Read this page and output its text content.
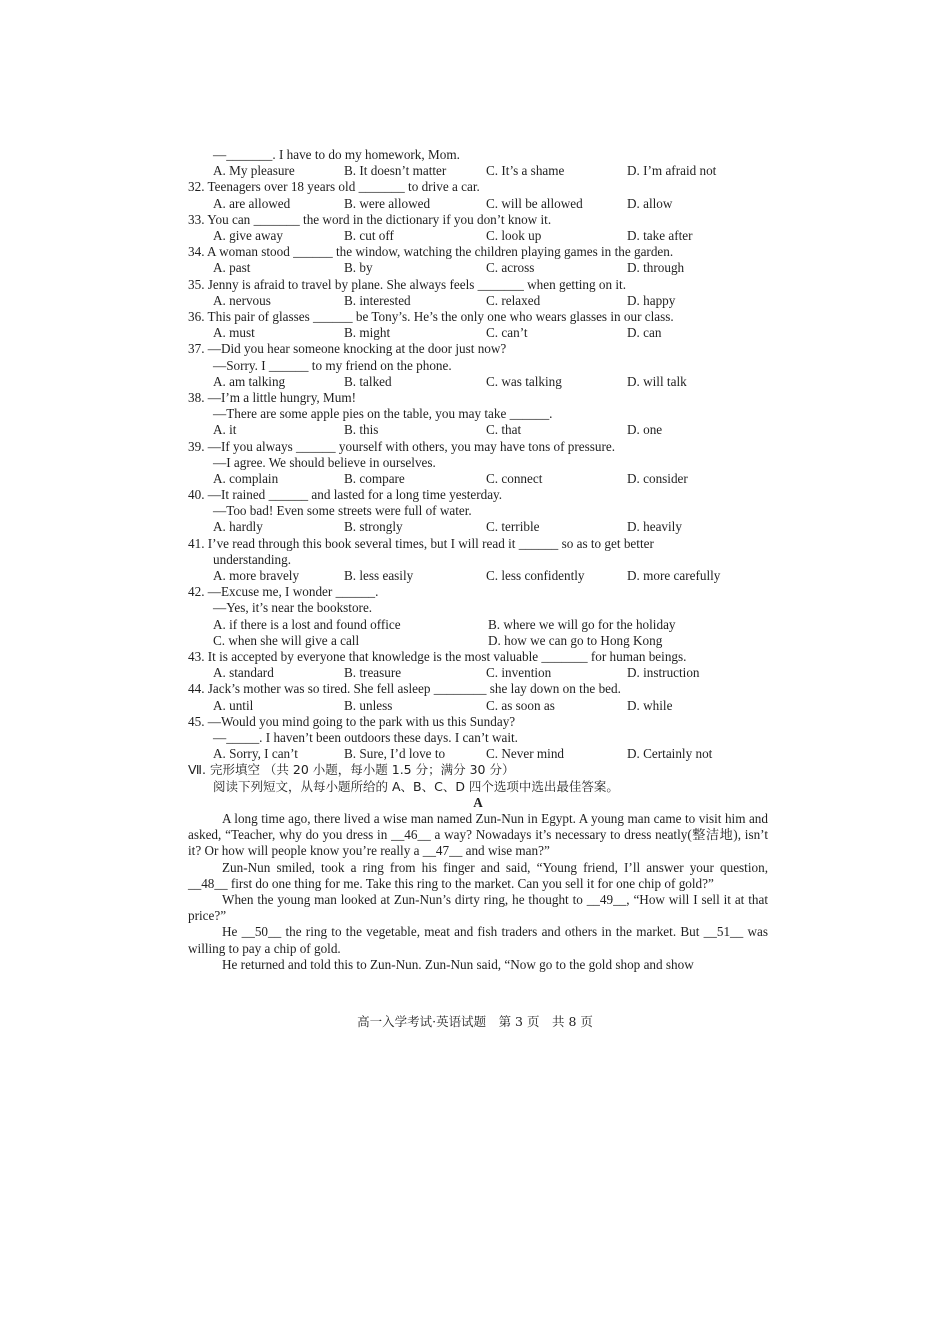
—_______. I have to do my homework, Mom.
A. My pleasure	B. It doesn’t matter	C. It’s a shame	D. I’m afraid not
32. Teenagers over 18 years old _______ to drive a car.
A. are allowed	B. were allowed	C. will be allowed	D. allow
33. You can _______ the word in the dictionary if you don’t know it.
A. give away	B. cut off	C. look up	D. take after
34. A woman stood ______ the window, watching the children playing games in the garden.
A. past	B. by	C. across	D. through
35. Jenny is afraid to travel by plane. She always feels _______ when getting on it.
A. nervous	B. interested	C. relaxed	D. happy
36. This pair of glasses ______ be Tony’s. He’s the only one who wears glasses in our class.
A. must	B. might	C. can’t	D. can
37. —Did you hear someone knocking at the door just now?
—Sorry. I ______ to my friend on the phone.
A. am talking	B. talked	C. was talking	D. will talk
38. —I’m a little hungry, Mum!
—There are some apple pies on the table, you may take ______.
A. it	B. this	C. that	D. one
39. —If you always ______ yourself with others, you may have tons of pressure.
—I agree. We should believe in ourselves.
A. complain	B. compare	C. connect	D. consider
40. —It rained ______ and lasted for a long time yesterday.
—Too bad! Even some streets were full of water.
A. hardly	B. strongly	C. terrible	D. heavily
41. I’ve read through this book several times, but I will read it ______ so as to get better
understanding.
A. more bravely	B. less easily	C. less confidently	D. more carefully
42. —Excuse me, I wonder ______.
—Yes, it’s near the bookstore.
A. if there is a lost and found office	B. where we will go for the holiday
C. when she will give a call	D. how we can go to Hong Kong
43. It is accepted by everyone that knowledge is the most valuable _______ for human beings.
A. standard	B. treasure	C. invention	D. instruction
44. Jack’s mother was so tired. She fell asleep ________ she lay down on the bed.
A. until	B. unless	C. as soon as	D. while
45. —Would you mind going to the park with us this Sunday?
—_____. I haven’t been outdoors these days. I can’t wait.
A. Sorry, I can’t	B. Sure, I’d love to	C. Never mind	D. Certainly not
Ⅶ. 完形填空 （共 20 小题，每小题 1.5 分；满分 30 分）
阅读下列短文，从每小题所给的 A、B、C、D 四个选项中选出最佳答案。
A
A long time ago, there lived a wise man named Zun-Nun in Egypt. A young man came to visit him and asked, “Teacher, why do you dress in __46__ a way? Nowadays it’s necessary to dress neatly(整洁地), isn’t it? Or how will people know you’re really a __47__ and wise man?”
Zun-Nun smiled, took a ring from his finger and said, “Young friend, I’ll answer your question, __48__ first do one thing for me. Take this ring to the market. Can you sell it for one chip of gold?”
When the young man looked at Zun-Nun’s dirty ring, he thought to __49__, “How will I sell it at that price?”
He __50__ the ring to the vegetable, meat and fish traders and others in the market. But __51__ was willing to pay a chip of gold.
He returned and told this to Zun-Nun. Zun-Nun said, “Now go to the gold shop and show
高一入学考试·英语试题　第 3 页　共 8 页
